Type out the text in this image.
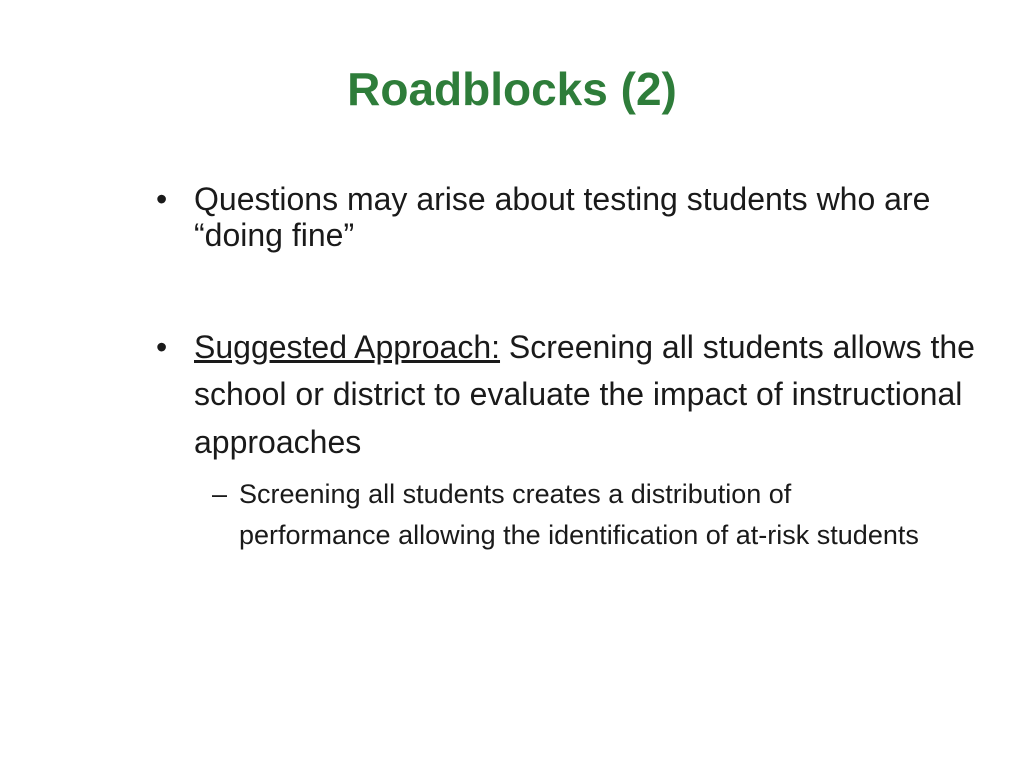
Roadblocks (2)
• Questions may arise about testing students who are “doing fine”
• Suggested Approach: Screening all students allows the school or district to evaluate the impact of instructional approaches
– Screening all students creates a distribution of performance allowing the identification of at-risk students
